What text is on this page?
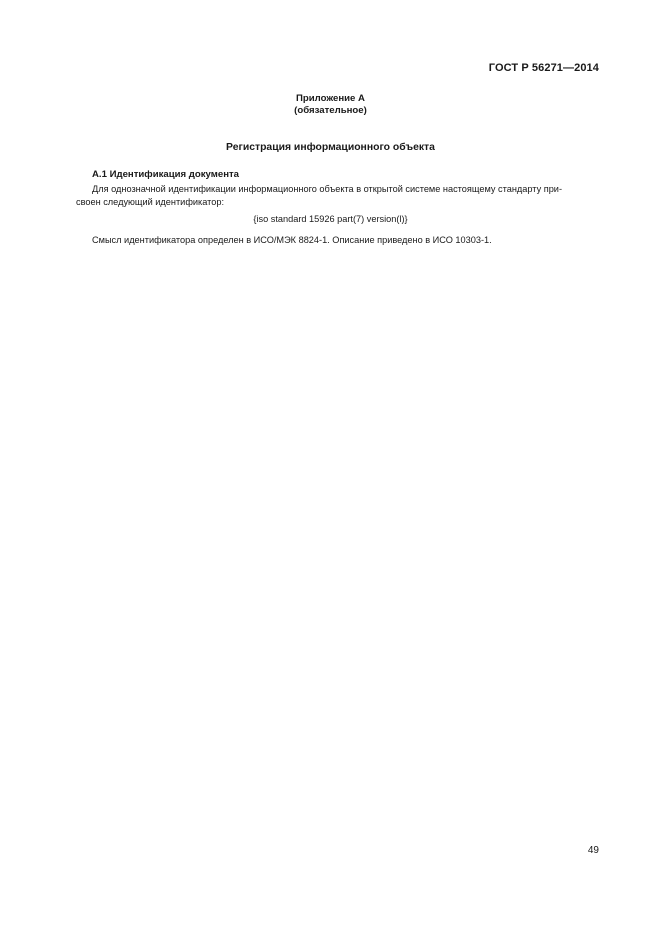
ГОСТ Р 56271—2014
Приложение А
(обязательное)
Регистрация информационного объекта
А.1 Идентификация документа
Для однозначной идентификации информационного объекта в открытой системе настоящему стандарту при-
своен следующий идентификатор:
{iso standard 15926 part(7) version(l)}
Смысл идентификатора определен в ИСО/МЭК 8824-1. Описание приведено в ИСО 10303-1.
49
